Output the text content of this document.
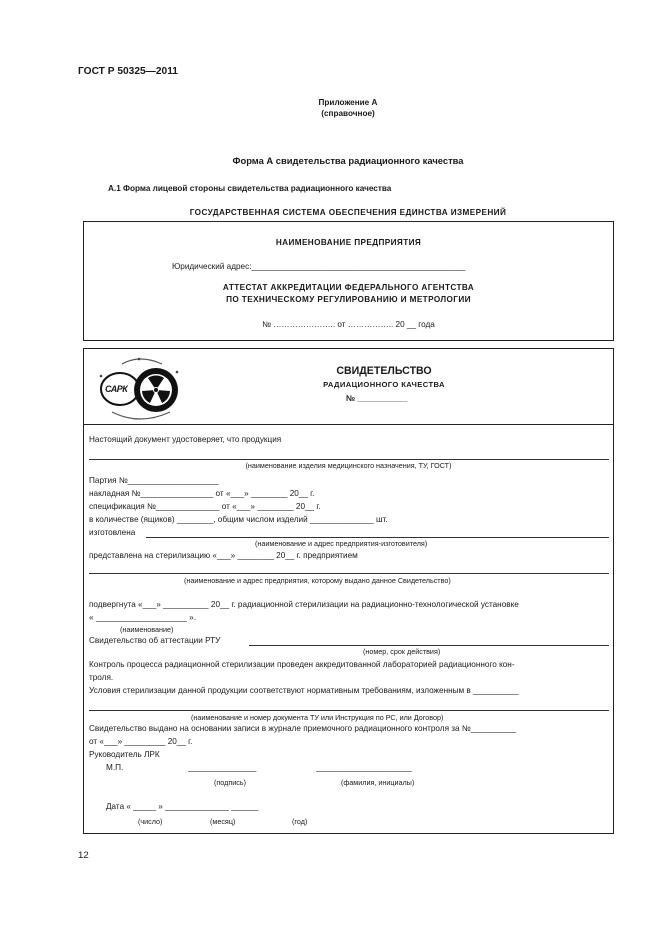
ГОСТ Р 50325—2011
Приложение А
(справочное)
Форма А свидетельства радиационного качества
А.1 Форма лицевой стороны свидетельства радиационного качества
ГОСУДАРСТВЕННАЯ СИСТЕМА ОБЕСПЕЧЕНИЯ ЕДИНСТВА ИЗМЕРЕНИЙ
НАИМЕНОВАНИЕ ПРЕДПРИЯТИЯ
Юридический адрес:_______________________________________________
АТТЕСТАТ АККРЕДИТАЦИИ ФЕДЕРАЛЬНОГО АГЕНТСТВА
ПО ТЕХНИЧЕСКОМУ РЕГУЛИРОВАНИЮ И МЕТРОЛОГИИ
№ ………………….. от …………….. 20 __ года
САРК
СВИДЕТЕЛЬСТВО
РАДИАЦИОННОГО КАЧЕСТВА
№ ___________
Настоящий документ удостоверяет, что продукция
(наименование изделия медицинского назначения, ТУ, ГОСТ)
Партия №____________________
накладная №________________ от «___» ________ 20__ г.
спецификация №______________ от «___» ________ 20__ г.
в количестве (ящиков) ________, общим числом изделий ______________ шт.
изготовлена
(наименование и адрес предприятия-изготовителя)
представлена на стерилизацию «___» ________ 20__ г. предприятием
(наименование и адрес предприятия, которому выдано данное Свидетельство)
подвергнута «___» __________ 20__ г. радиационной стерилизации на радиационно-технологической установке
« ____________________ ».
(наименование)
Свидетельство об аттестации РТУ
(номер, срок действия)
Контроль процесса радиационной стерилизации проведен аккредитованной лабораторией радиационного кон-
троля.
Условия стерилизации данной продукции соответствуют нормативным требованиям, изложенным в __________
(наименование и номер документа ТУ или Инструкция по РС, или Договор)
Свидетельство выдано на основании записи в журнале приемочного радиационного контроля за №__________
от «___» _________ 20__ г.
Руководитель ЛРК
М.П.	_______________	_____________________
(подпись)	(фамилия, инициалы)
Дата « _____ » ______________ ______
(число)	(месяц)	(год)
12
